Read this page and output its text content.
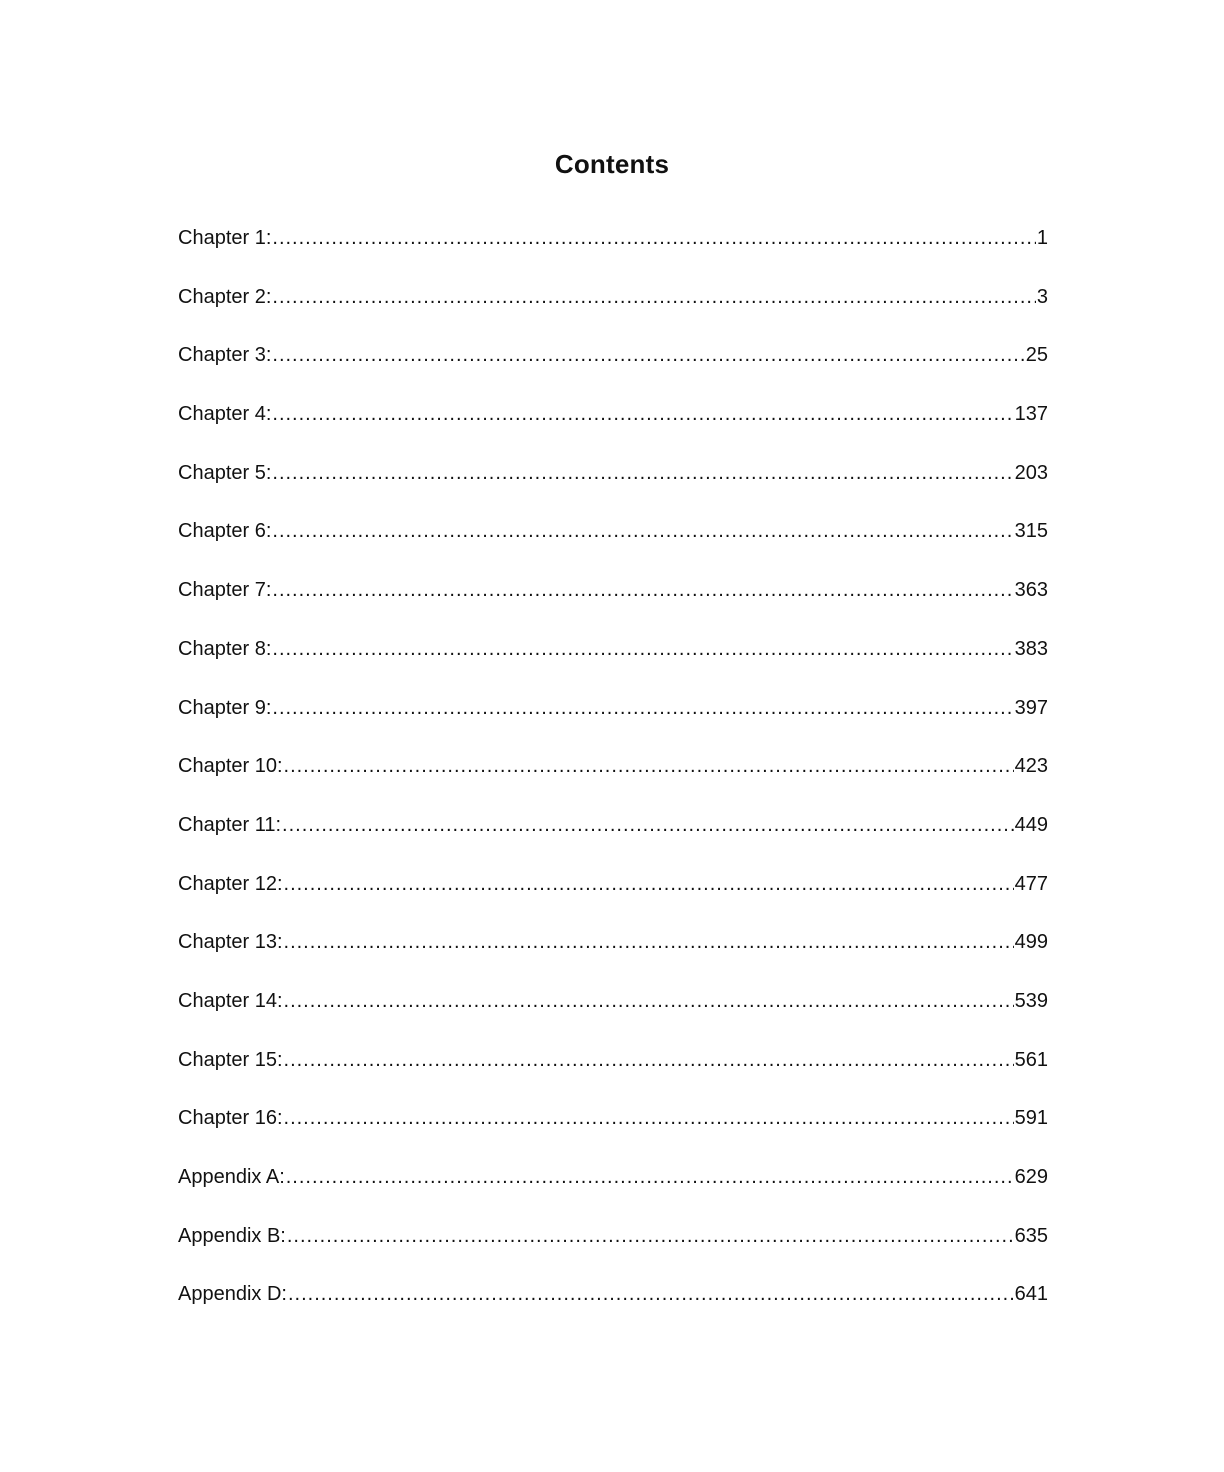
Contents
Chapter 1: .....	1
Chapter 2: .....	3
Chapter 3: .....	25
Chapter 4: .....	137
Chapter 5: .....	203
Chapter 6: .....	315
Chapter 7: .....	363
Chapter 8: .....	383
Chapter 9: .....	397
Chapter 10: .....	423
Chapter 11: .....	449
Chapter 12: .....	477
Chapter 13: .....	499
Chapter 14: .....	539
Chapter 15: .....	561
Chapter 16: .....	591
Appendix A: .....	629
Appendix B: .....	635
Appendix D: .....	641
